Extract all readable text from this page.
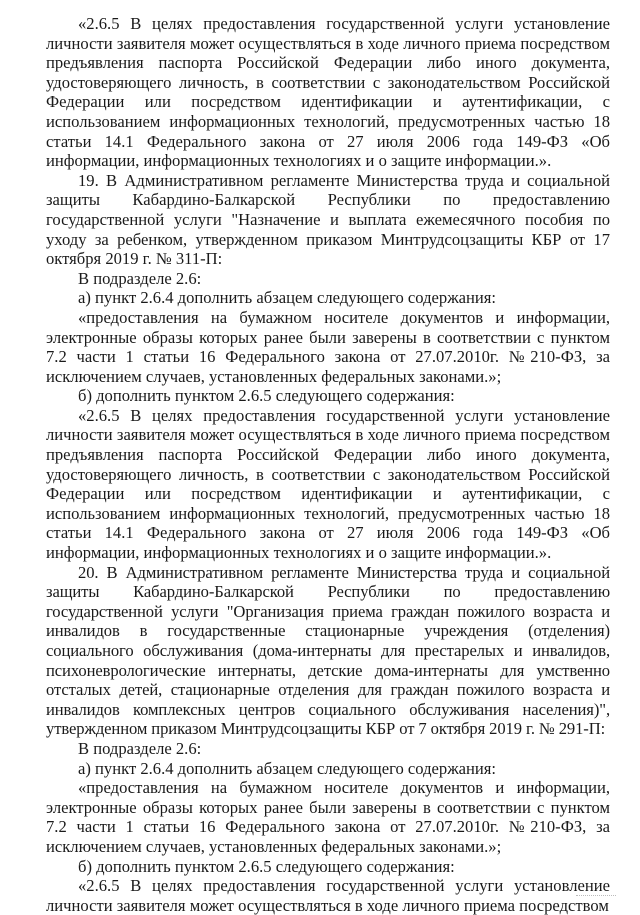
«2.6.5 В целях предоставления государственной услуги установление личности заявителя может осуществляться в ходе личного приема посредством предъявления паспорта Российской Федерации либо иного документа, удостоверяющего личность, в соответствии с законодательством Российской Федерации или посредством идентификации и аутентификации, с использованием информационных технологий, предусмотренных частью 18 статьи 14.1 Федерального закона от 27 июля 2006 года 149-ФЗ «Об информации, информационных технологиях и о защите информации.».

19. В Административном регламенте Министерства труда и социальной защиты Кабардино-Балкарской Республики по предоставлению государственной услуги "Назначение и выплата ежемесячного пособия по уходу за ребенком, утвержденном приказом Минтрудсоцзащиты КБР от 17 октября 2019 г. № 311-П:

В подразделе 2.6:

а) пункт 2.6.4 дополнить абзацем следующего содержания:

«предоставления на бумажном носителе документов и информации, электронные образы которых ранее были заверены в соответствии с пунктом 7.2 части 1 статьи 16 Федерального закона от 27.07.2010г. №210-ФЗ, за исключением случаев, установленных федеральных законами.»;

б) дополнить пунктом 2.6.5 следующего содержания:

«2.6.5 В целях предоставления государственной услуги установление личности заявителя может осуществляться в ходе личного приема посредством предъявления паспорта Российской Федерации либо иного документа, удостоверяющего личность, в соответствии с законодательством Российской Федерации или посредством идентификации и аутентификации, с использованием информационных технологий, предусмотренных частью 18 статьи 14.1 Федерального закона от 27 июля 2006 года 149-ФЗ «Об информации, информационных технологиях и о защите информации.».

20. В Административном регламенте Министерства труда и социальной защиты Кабардино-Балкарской Республики по предоставлению государственной услуги "Организация приема граждан пожилого возраста и инвалидов в государственные стационарные учреждения (отделения) социального обслуживания (дома-интернаты для престарелых и инвалидов, психоневрологические интернаты, детские дома-интернаты для умственно отсталых детей, стационарные отделения для граждан пожилого возраста и инвалидов комплексных центров социального обслуживания населения)", утвержденном приказом Минтрудсоцзащиты КБР от 7 октября 2019 г. № 291-П:

В подразделе 2.6:

а) пункт 2.6.4 дополнить абзацем следующего содержания:

«предоставления на бумажном носителе документов и информации, электронные образы которых ранее были заверены в соответствии с пунктом 7.2 части 1 статьи 16 Федерального закона от 27.07.2010г. №210-ФЗ, за исключением случаев, установленных федеральных законами.»;

б) дополнить пунктом 2.6.5 следующего содержания:

«2.6.5 В целях предоставления государственной услуги установление личности заявителя может осуществляться в ходе личного приема посредством
